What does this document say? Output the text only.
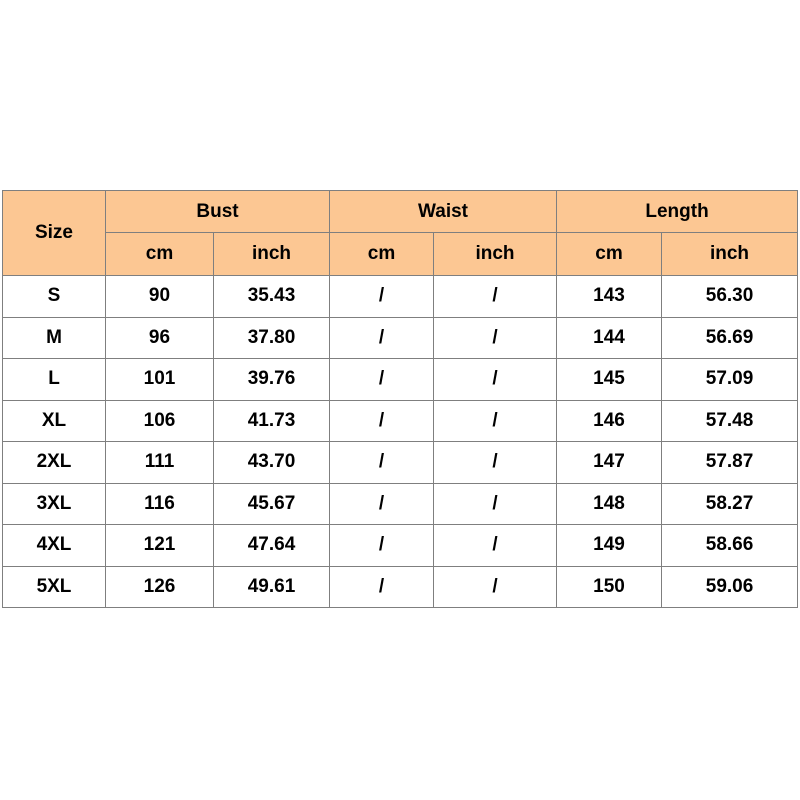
Size	Bust		Waist		Length	
	cm	inch	cm	inch	cm	inch
S	90	35.43	/	/	143	56.30
M	96	37.80	/	/	144	56.69
L	101	39.76	/	/	145	57.09
XL	106	41.73	/	/	146	57.48
2XL	111	43.70	/	/	147	57.87
3XL	116	45.67	/	/	148	58.27
4XL	121	47.64	/	/	149	58.66
5XL	126	49.61	/	/	150	59.06
